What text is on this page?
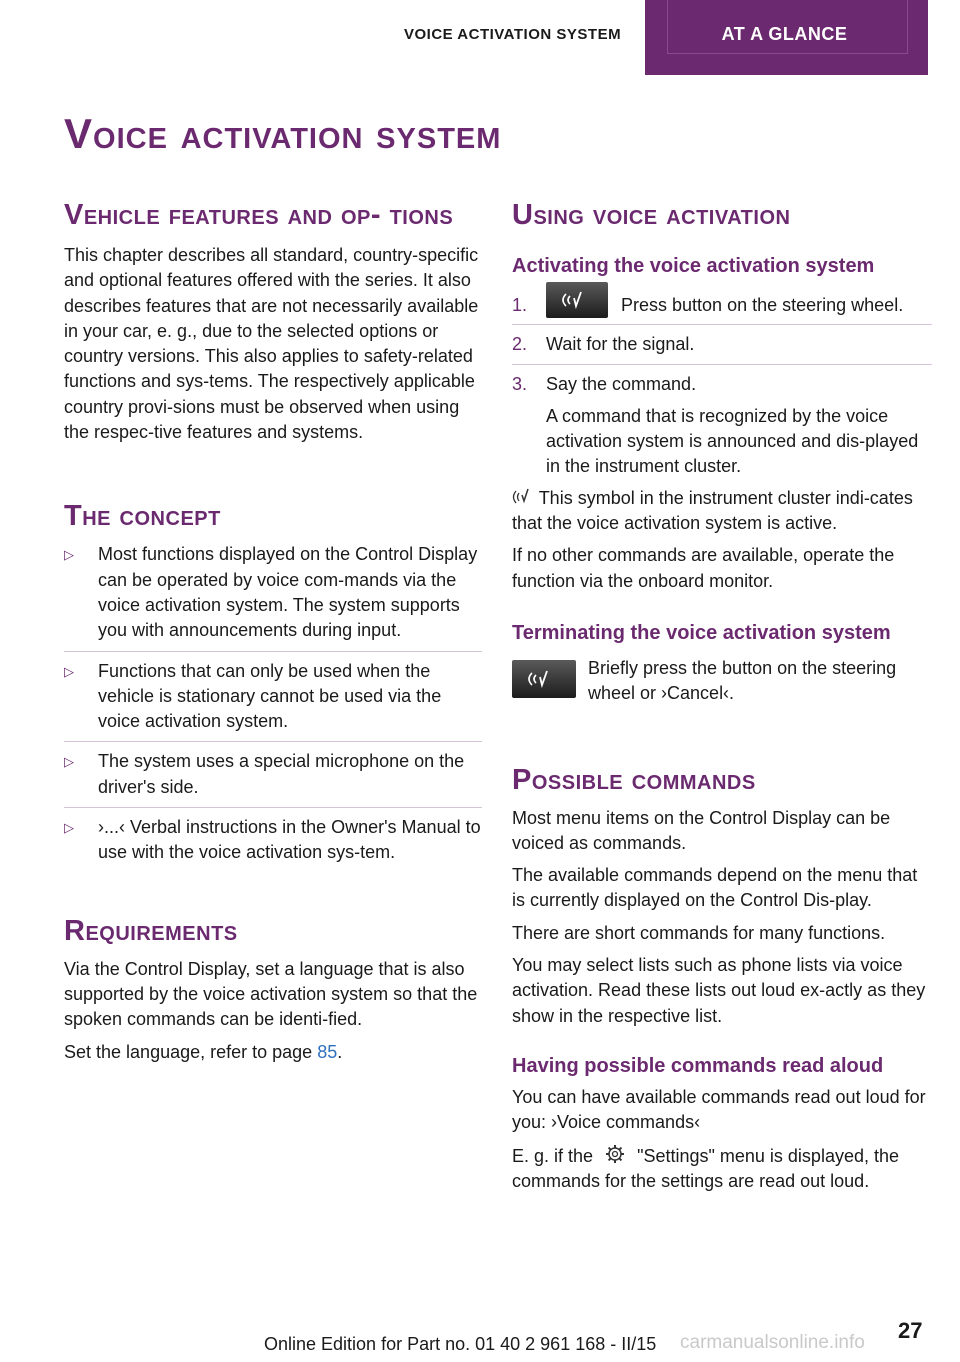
VOICE ACTIVATION SYSTEM	AT A GLANCE
Voice activation system
Vehicle features and op‐ tions

This chapter describes all standard, country-specific and optional features offered with the series. It also describes features that are not necessarily available in your car, e. g., due to the selected options or country versions. This also applies to safety-related functions and sys‐tems. The respectively applicable country provi‐sions must be observed when using the respec‐tive features and systems.

The concept
▷ Most functions displayed on the Control Display can be operated by voice com‐mands via the voice activation system. The system supports you with announcements during input.
▷ Functions that can only be used when the vehicle is stationary cannot be used via the voice activation system.
▷ The system uses a special microphone on the driver's side.
▷ ›...‹ Verbal instructions in the Owner's Manual to use with the voice activation sys‐tem.
Requirements

Via the Control Display, set a language that is also supported by the voice activation system so that the spoken commands can be identi‐fied.

Set the language, refer to page 85.

Using voice activation
Activating the voice activation system
1.	Press button on the steering wheel.
2. Wait for the signal.
3. Say the command.
A command that is recognized by the voice activation system is announced and dis‐played in the instrument cluster.

This symbol in the instrument cluster indi‐cates that the voice activation system is active.

If no other commands are available, operate the function via the onboard monitor.

Terminating the voice activation system

Briefly press the button on the steering wheel or ›Cancel‹.

Possible commands

Most menu items on the Control Display can be voiced as commands.

The available commands depend on the menu that is currently displayed on the Control Dis‐play.

There are short commands for many functions.

You may select lists such as phone lists via voice activation. Read these lists out loud ex‐actly as they show in the respective list.

Having possible commands read aloud

You can have available commands read out loud for you: ›Voice commands‹

E. g. if the "Settings" menu is displayed, the commands for the settings are read out loud.

carmanualsonline.info
Online Edition for Part no. 01 40 2 961 168 - II/15
27
